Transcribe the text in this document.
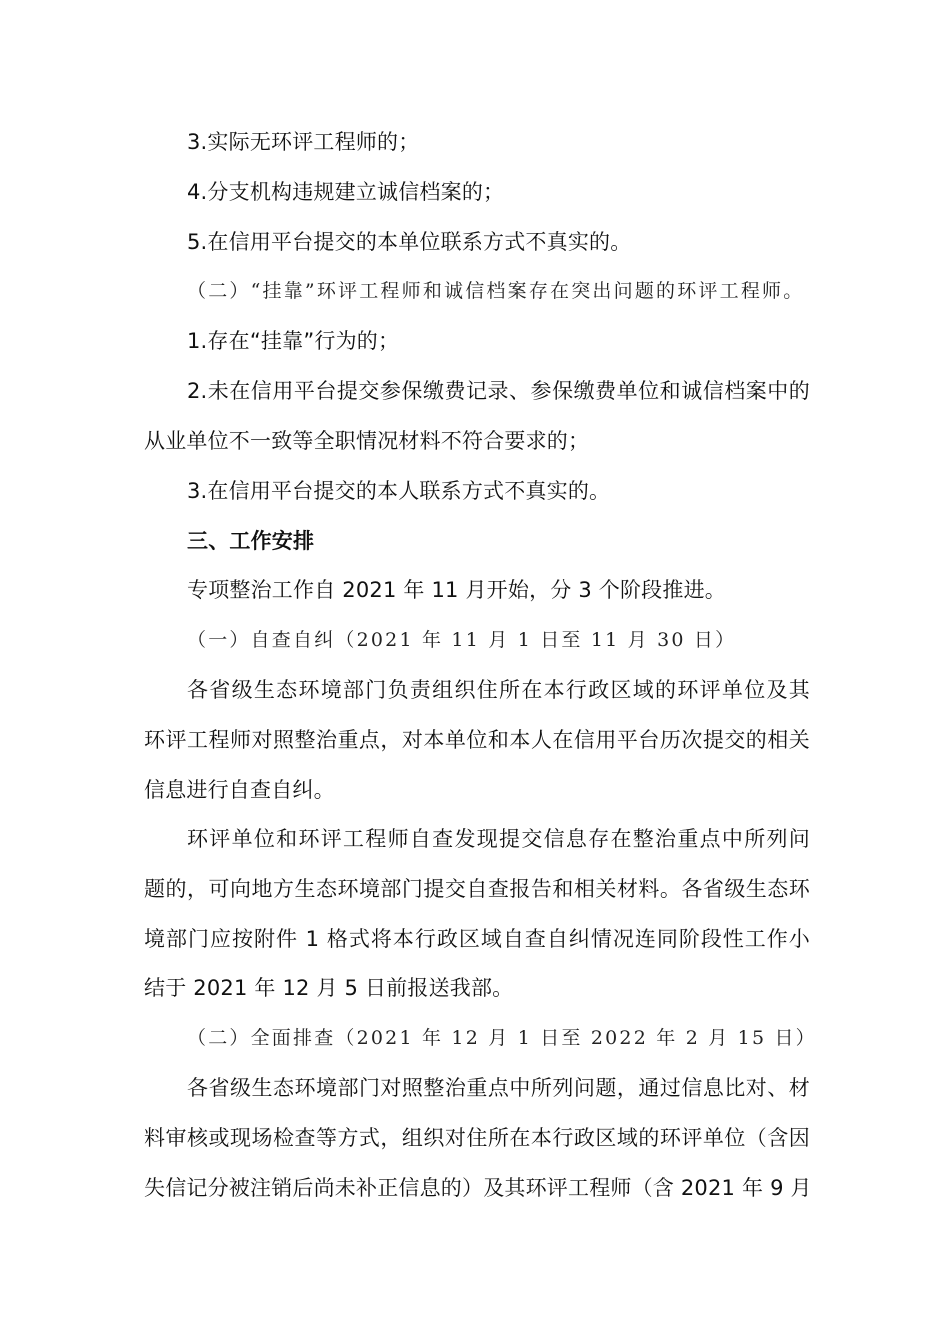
3.实际无环评工程师的；
4.分支机构违规建立诚信档案的；
5.在信用平台提交的本单位联系方式不真实的。
（二）“挂靠”环评工程师和诚信档案存在突出问题的环评工程师。
1.存在“挂靠”行为的；
2.未在信用平台提交参保缴费记录、参保缴费单位和诚信档案中的
从业单位不一致等全职情况材料不符合要求的；
3.在信用平台提交的本人联系方式不真实的。
三、工作安排
专项整治工作自 2021 年 11 月开始，分 3 个阶段推进。
（一）自查自纠（2021 年 11 月 1 日至 11 月 30 日）
各省级生态环境部门负责组织住所在本行政区域的环评单位及其
环评工程师对照整治重点，对本单位和本人在信用平台历次提交的相关
信息进行自查自纠。
环评单位和环评工程师自查发现提交信息存在整治重点中所列问
题的，可向地方生态环境部门提交自查报告和相关材料。各省级生态环
境部门应按附件 1 格式将本行政区域自查自纠情况连同阶段性工作小
结于 2021 年 12 月 5 日前报送我部。
（二）全面排查（2021 年 12 月 1 日至 2022 年 2 月 15 日）
各省级生态环境部门对照整治重点中所列问题，通过信息比对、材
料审核或现场检查等方式，组织对住所在本行政区域的环评单位（含因
失信记分被注销后尚未补正信息的）及其环评工程师（含 2021 年 9 月
